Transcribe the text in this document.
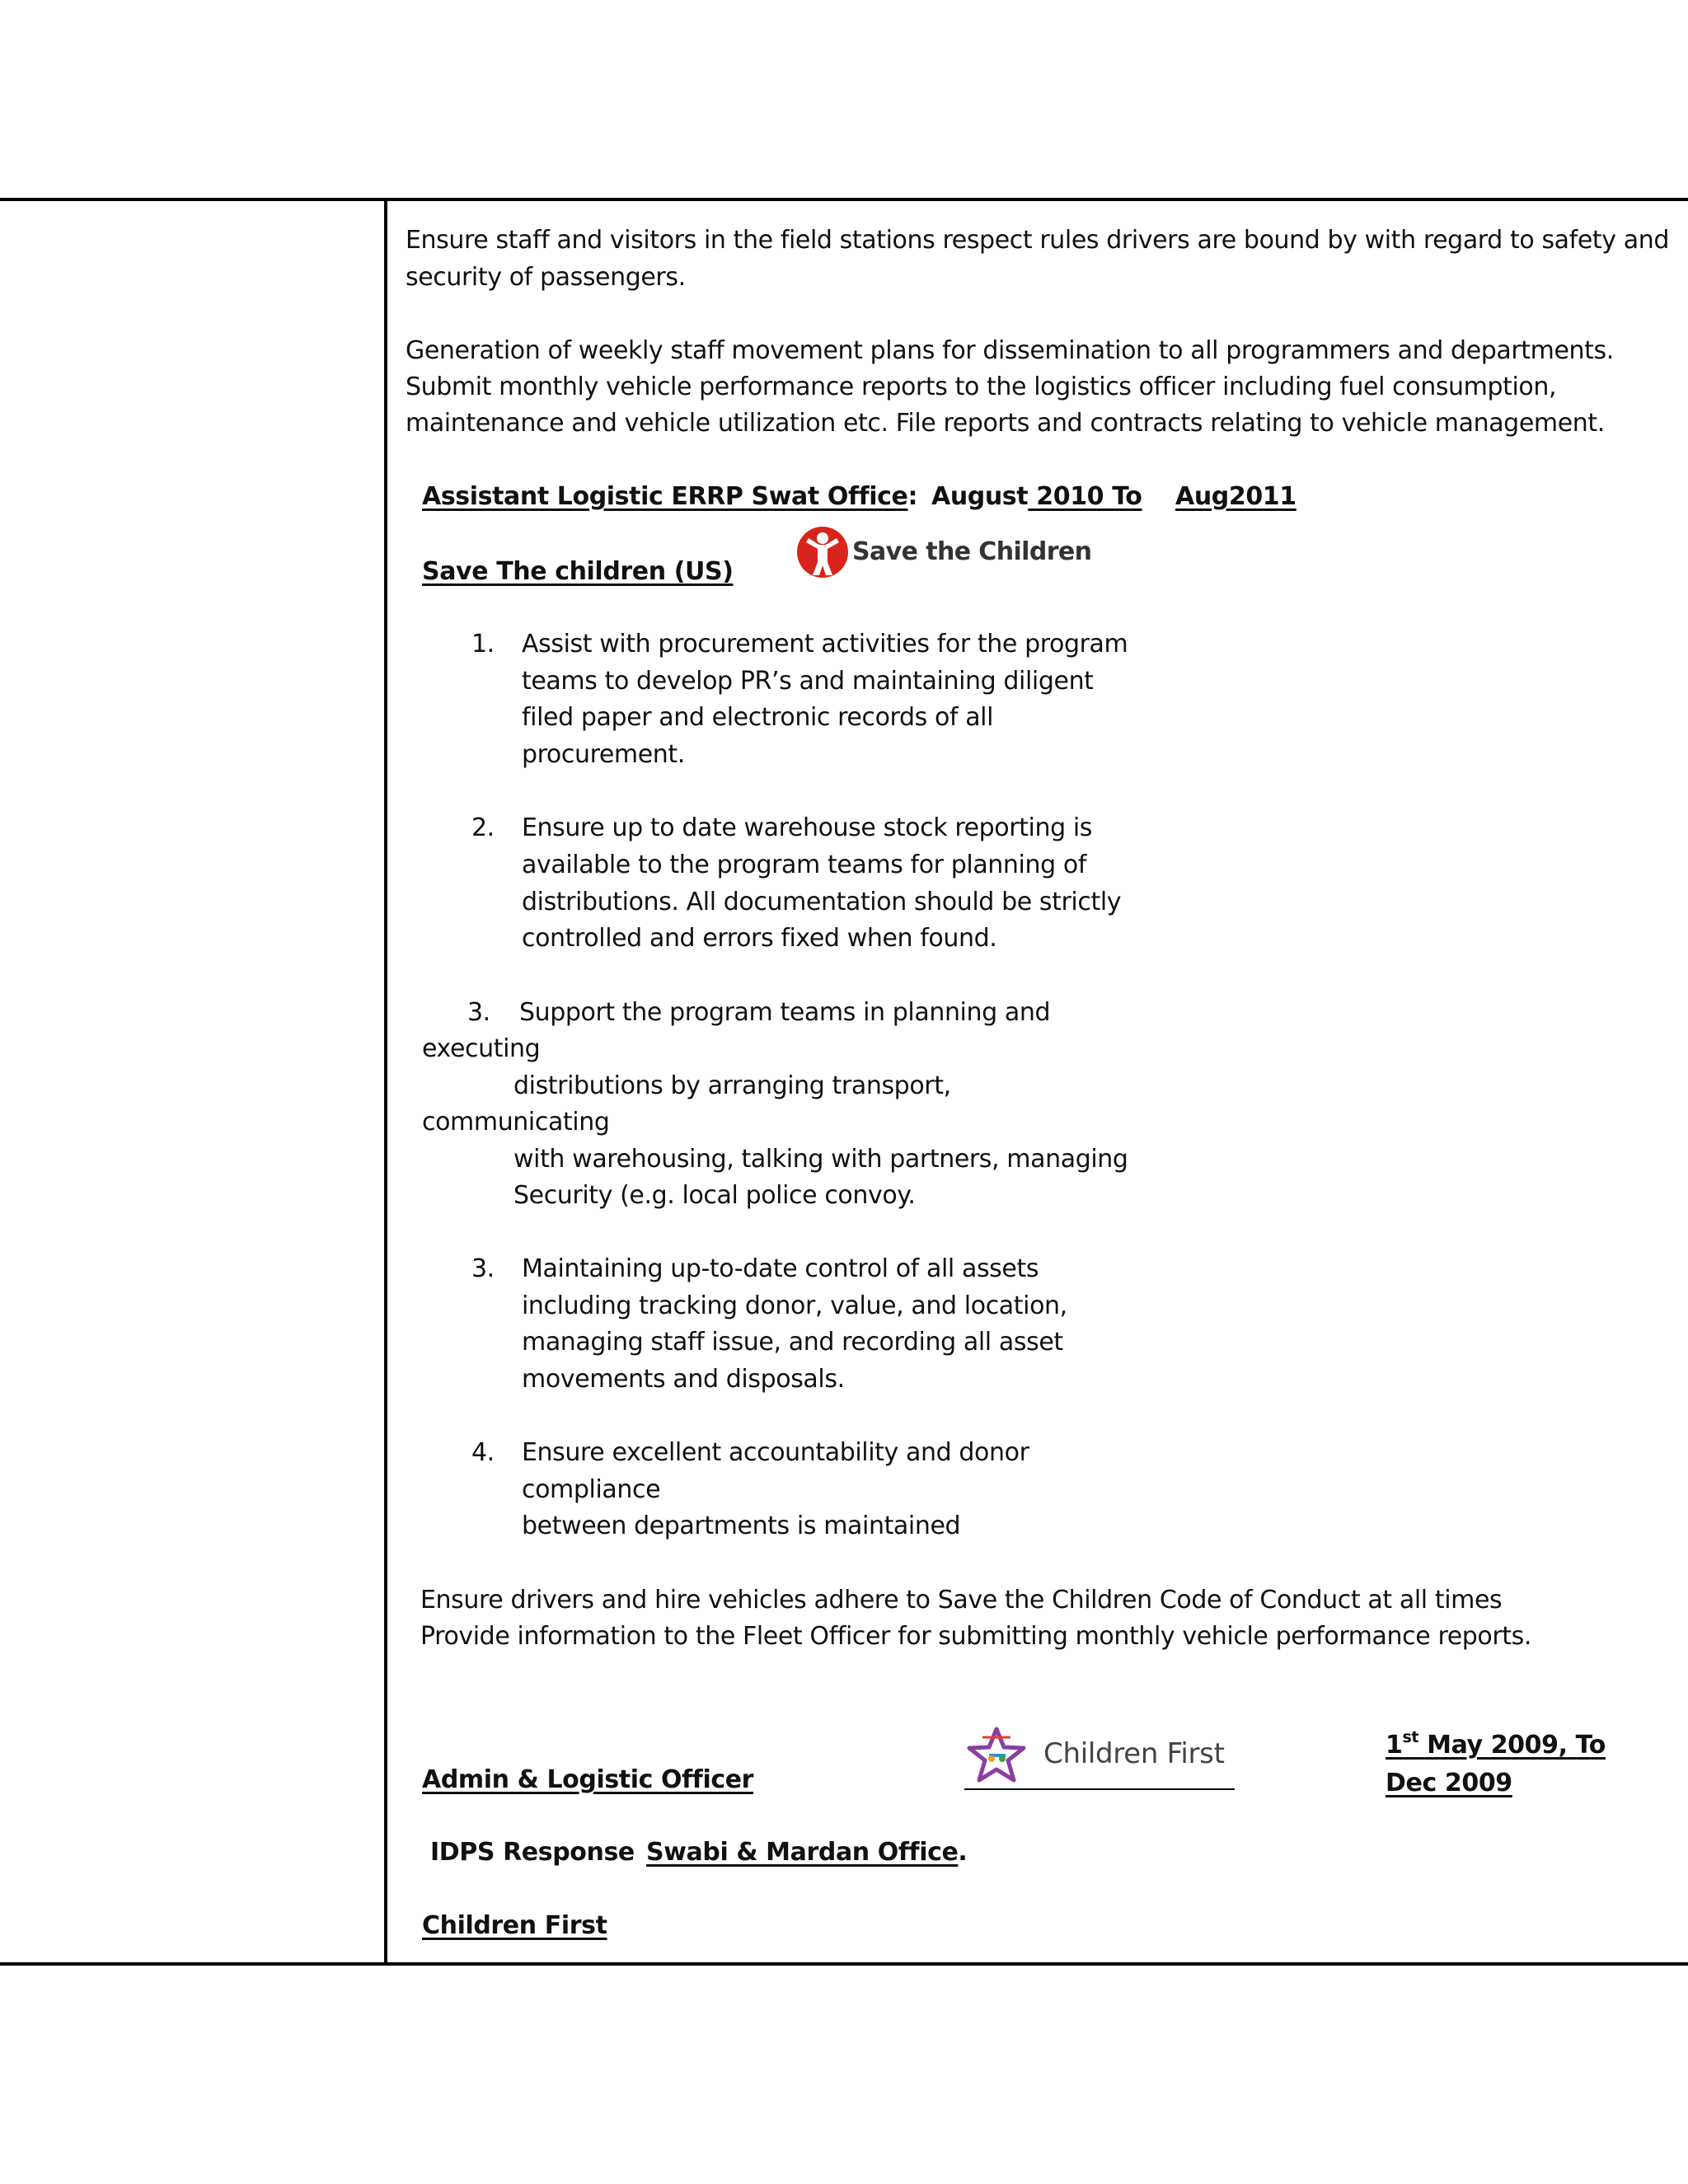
Ensure staff and visitors in the field stations respect rules drivers are bound by with regard to safety and
security of passengers.
Generation of weekly staff movement plans for dissemination to all programmers and departments.
Submit monthly vehicle performance reports to the logistics officer including fuel consumption,
maintenance and vehicle utilization etc. File reports and contracts relating to vehicle management.
Assistant Logistic ERRP Swat Office: August 2010 To Aug2011
Save The children (US)
Save the Children
1. Assist with procurement activities for the program
teams to develop PR’s and maintaining diligent
filed paper and electronic records of all
procurement.
2. Ensure up to date warehouse stock reporting is
available to the program teams for planning of
distributions. All documentation should be strictly
controlled and errors fixed when found.
3. Support the program teams in planning and
executing
distributions by arranging transport,
communicating
with warehousing, talking with partners, managing
Security (e.g. local police convoy.
3. Maintaining up-to-date control of all assets
including tracking donor, value, and location,
managing staff issue, and recording all asset
movements and disposals.
4. Ensure excellent accountability and donor
compliance
between departments is maintained
Ensure drivers and hire vehicles adhere to Save the Children Code of Conduct at all times
Provide information to the Fleet Officer for submitting monthly vehicle performance reports.
Children First	1st May 2009, To
Dec 2009
Admin & Logistic Officer
IDPS Response Swabi & Mardan Office.
Children First
